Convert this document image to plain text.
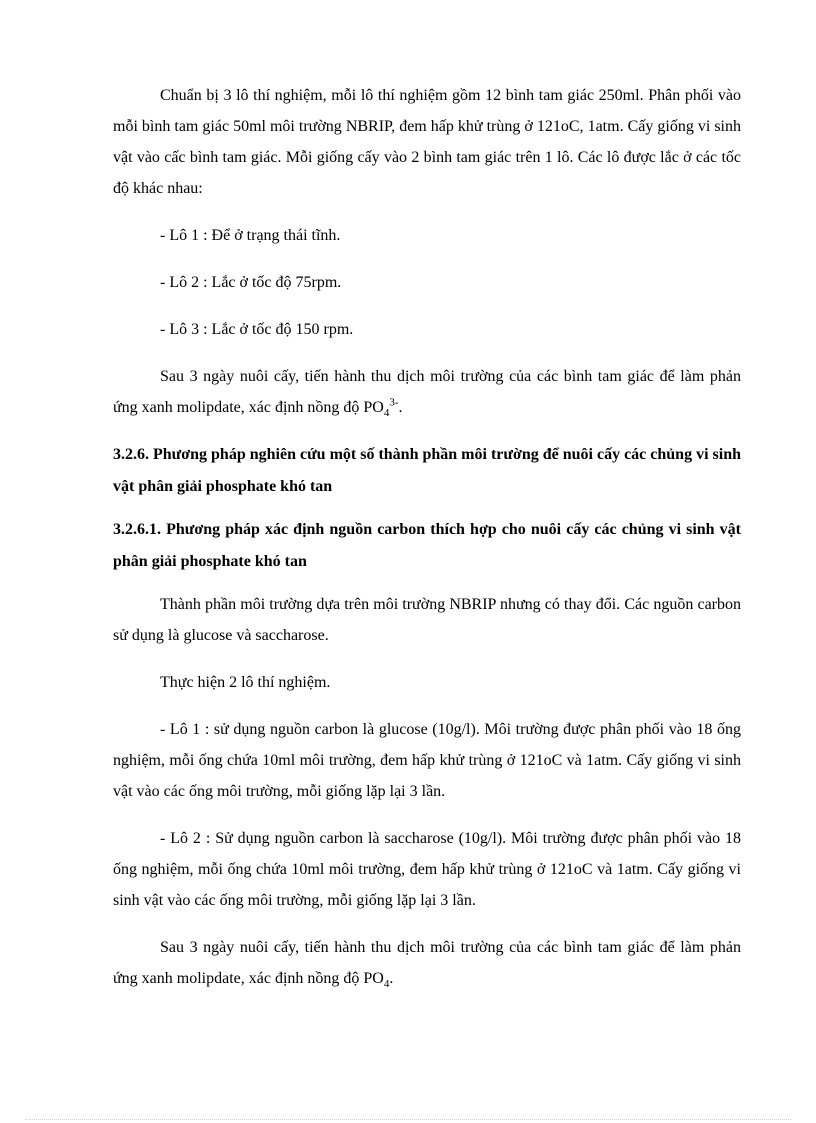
Chuẩn bị 3 lô thí nghiệm, mỗi lô thí nghiệm gồm 12 bình tam giác 250ml. Phân phối vào mỗi bình tam giác 50ml môi trường NBRIP, đem hấp khử trùng ở 121oC, 1atm. Cấy giống vi sinh vật vào cấc bình tam giác. Mỗi giống cấy vào 2 bình tam giác trên 1 lô. Các lô được lắc ở các tốc độ khác nhau:

- Lô 1 : Để ở trạng thái tĩnh.

- Lô 2 : Lắc ở tốc độ 75rpm.

- Lô 3 : Lắc ở tốc độ 150 rpm.

Sau 3 ngày nuôi cấy, tiến hành thu dịch môi trường của các bình tam giác để làm phản ứng xanh molipdate, xác định nồng độ $PO_4^{3-}$.

3.2.6. Phương pháp nghiên cứu một số thành phần môi trường để nuôi cấy các chủng vi sinh vật phân giải phosphate khó tan

3.2.6.1. Phương pháp xác định nguồn carbon thích hợp cho nuôi cấy các chủng vi sinh vật phân giải phosphate khó tan

Thành phần môi trường dựa trên môi trường NBRIP nhưng có thay đổi. Các nguồn carbon sử dụng là glucose và saccharose.

Thực hiện 2 lô thí nghiệm.

- Lô 1 : sử dụng nguồn carbon là glucose (10g/l). Môi trường được phân phối vào 18 ống nghiệm, mỗi ống chứa 10ml môi trường, đem hấp khử trùng ở 121oC và 1atm. Cấy giống vi sinh vật vào các ống môi trường, mỗi giống lặp lại 3 lần.

- Lô 2 : Sử dụng nguồn carbon là saccharose (10g/l). Môi trường được phân phối vào 18 ống nghiệm, mỗi ống chứa 10ml môi trường, đem hấp khử trùng ở 121oC và 1atm. Cấy giống vi sinh vật vào các ống môi trường, mỗi giống lặp lại 3 lần.

Sau 3 ngày nuôi cấy, tiến hành thu dịch môi trường của các bình tam giác để làm phản ứng xanh molipdate, xác định nồng độ $PO_4$.
